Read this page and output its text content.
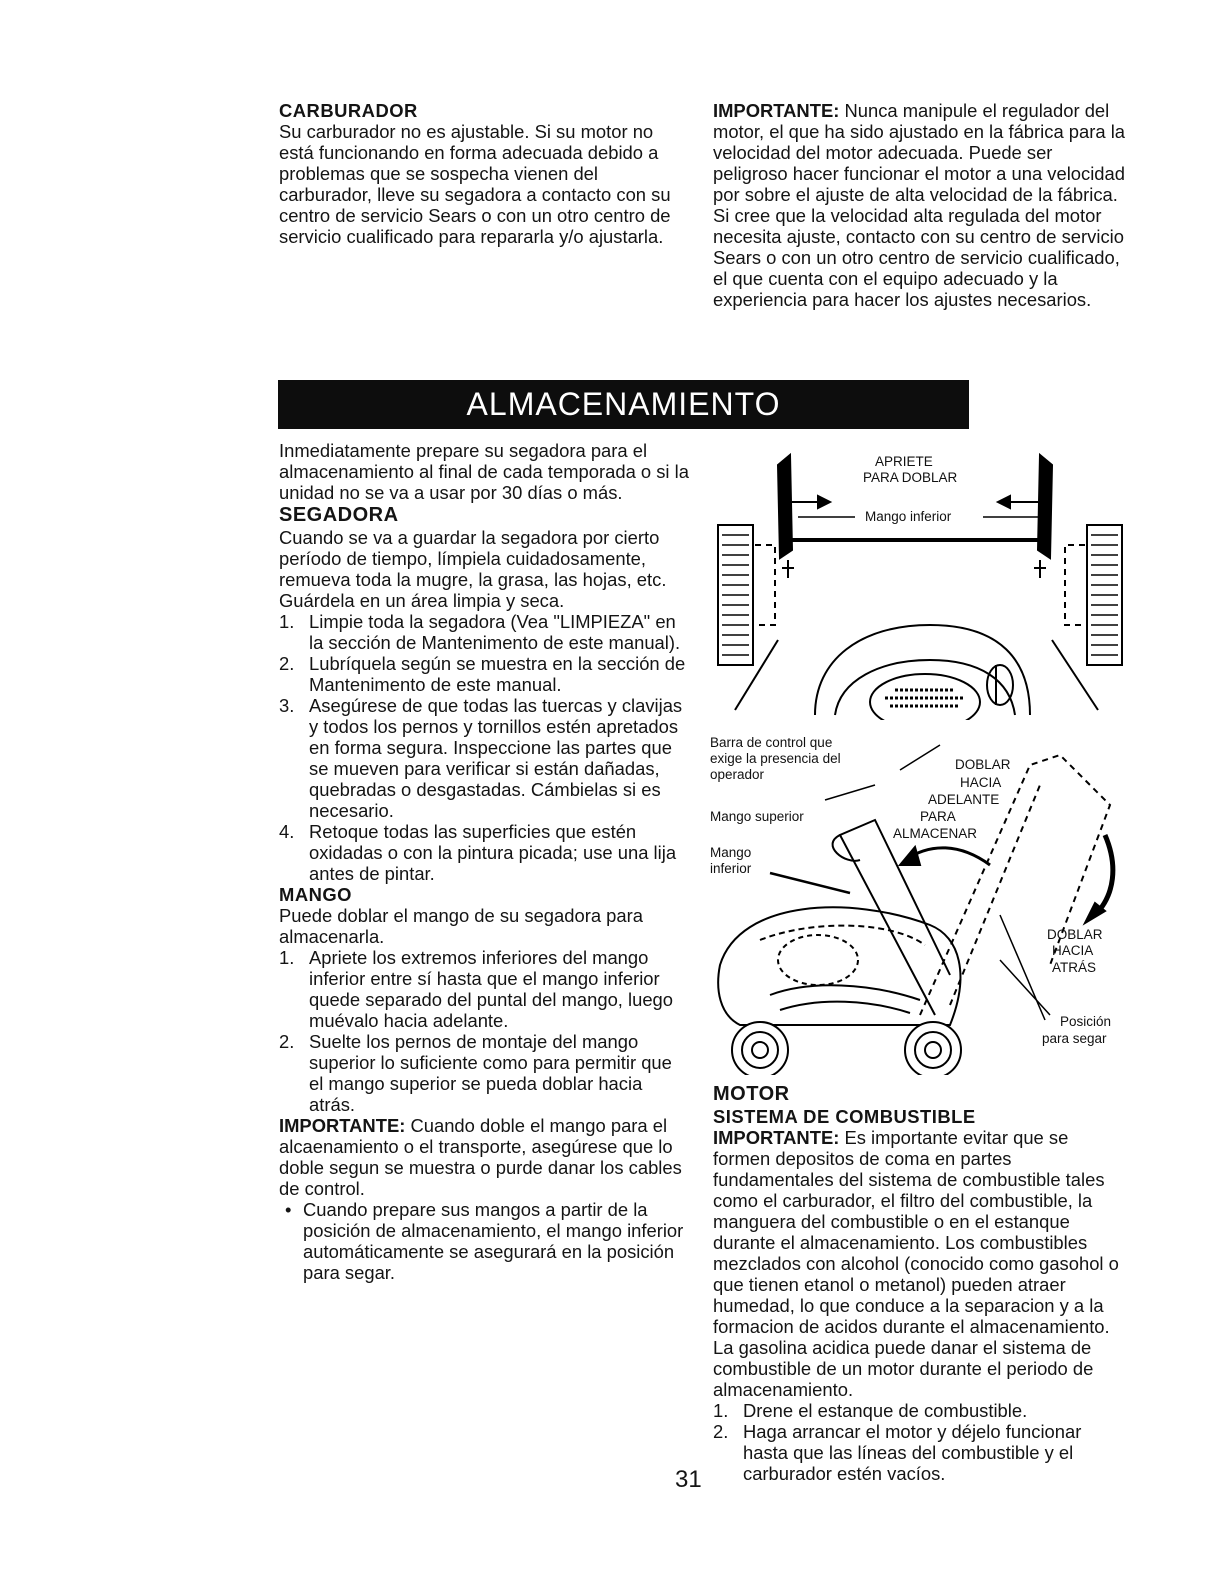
CARBURADOR

Su carburador no es ajustable. Si su motor no está funcionando en forma adecuada debido a problemas que se sospecha vienen del carburador, lleve su segadora a contacto con su centro de servicio Sears o con un otro centro de servicio cualificado para repararla y/o ajustarla.

IMPORTANTE: Nunca manipule el regulador del motor, el que ha sido ajustado en la fábrica para la velocidad del motor adecuada. Puede ser peligroso hacer funcionar el motor a una velocidad por sobre el ajuste de alta velocidad de la fábrica. Si cree que la velocidad alta regulada del motor necesita ajuste, contacto con su centro de servicio Sears o con un otro centro de servicio cualificado, el que cuenta con el equipo adecuado y la experiencia para hacer los ajustes necesarios.

ALMACENAMIENTO

Inmediatamente prepare su segadora para el almacenamiento al final de cada temporada o si la unidad no se va a usar por 30 días o más.

SEGADORA

Cuando se va a guardar la segadora por cierto período de tiempo, límpiela cuidadosamente, remueva toda la mugre, la grasa, las hojas, etc. Guárdela en un área limpia y seca.

1. Limpie toda la segadora (Vea "LIMPIEZA" en la sección de Mantenimento de este manual).
2. Lubríquela según se muestra en la sección de Mantenimento de este manual.
3. Asegúrese de que todas las tuercas y clavijas y todos los pernos y tornillos estén apretados en forma segura. Inspeccione las partes que se mueven para verificar si están dañadas, quebradas o desgastadas. Cámbielas si es necesario.
4. Retoque todas las superficies que estén oxidadas o con la pintura picada; use una lija antes de pintar.

MANGO

Puede doblar el mango de su segadora para almacenarla.

1. Apriete los extremos inferiores del mango inferior entre sí hasta que el mango inferior quede separado del puntal del mango, luego muévalo hacia adelante.
2. Suelte los pernos de montaje del mango superior lo suficiente como para permitir que el mango superior se pueda doblar hacia atrás.

IMPORTANTE: Cuando doble el mango para el alcaenamiento o el transporte, asegúrese que lo doble segun se muestra o purde danar los cables de control.

• Cuando prepare sus mangos a partir de la posición de almacenamiento, el mango inferior automáticamente se asegurará en la posición para segar.
APRIETE
PARA DOBLAR
Mango inferior
Barra de control que
exige la presencia del
operador
Mango superior
Mango
inferior
DOBLAR
HACIA
ADELANTE
PARA
ALMACENAR
DOBLAR
HACIA
ATRÁS
Posición
para segar

MOTOR

SISTEMA DE COMBUSTIBLE

IMPORTANTE: Es importante evitar que se formen depositos de coma en partes fundamentales del sistema de combustible tales como el carburador, el filtro del combustible, la manguera del combustible o en el estanque durante el almacenamiento. Los combustibles mezclados con alcohol (conocido como gasohol o que tienen etanol o metanol) pueden atraer humedad, lo que conduce a la separacion y a la formacion de acidos durante el almacenamiento. La gasolina acidica puede danar el sistema de combustible de un motor durante el periodo de almacenamiento.

1. Drene el estanque de combustible.
2. Haga arrancar el motor y déjelo funcionar hasta que las líneas del combustible y el carburador estén vacíos.
31
